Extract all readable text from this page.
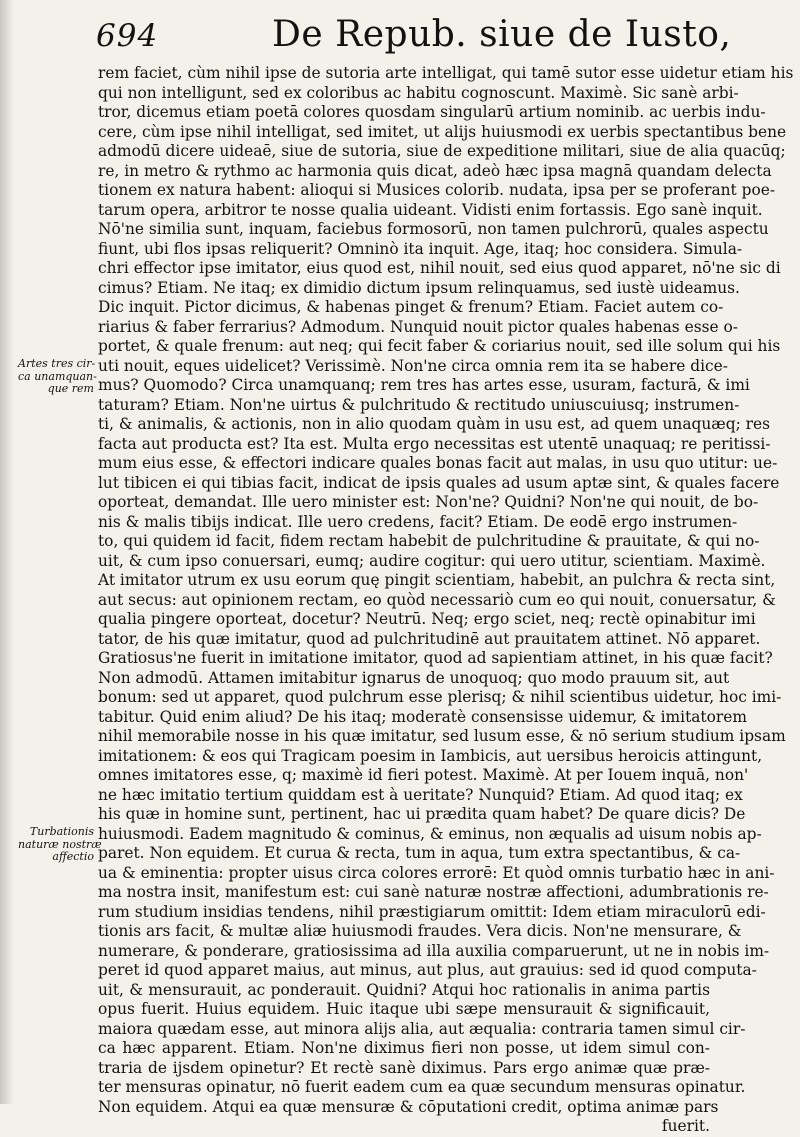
694	De Repub. siue de Iusto,
Artes tres cir-
ca unamquan-
que rem
Turbationis
naturæ nostræ
affectio
rem faciet, cùm nihil ipse de sutoria arte intelligat, qui tamē sutor esse uidetur etiam his
qui non intelligunt, sed ex coloribus ac habitu cognoscunt. Maximè. Sic sanè arbi-
tror, dicemus etiam poetā colores quosdam singularū artium nominib. ac uerbis indu-
cere, cùm ipse nihil intelligat, sed imitet, ut alijs huiusmodi ex uerbis spectantibus bene
admodū dicere uideaē, siue de sutoria, siue de expeditione militari, siue de alia quacūq;
re, in metro & rythmo ac harmonia quis dicat, adeò hæc ipsa magnā quandam delecta
tionem ex natura habent: alioqui si Musices colorib. nudata, ipsa per se proferant poe-
tarum opera, arbitror te nosse qualia uideant. Vidisti enim fortassis. Ego sanè inquit.
Nō'ne similia sunt, inquam, faciebus formosorū, non tamen pulchrorū, quales aspectu
fiunt, ubi flos ipsas reliquerit? Omninò ita inquit. Age, itaq; hoc considera. Simula-
chri effector ipse imitator, eius quod est, nihil nouit, sed eius quod apparet, nō'ne sic di
cimus? Etiam. Ne itaq; ex dimidio dictum ipsum relinquamus, sed iustè uideamus.
Dic inquit. Pictor dicimus, & habenas pinget & frenum? Etiam. Faciet autem co-
riarius & faber ferrarius? Admodum. Nunquid nouit pictor quales habenas esse o-
portet, & quale frenum: aut neq; qui fecit faber & coriarius nouit, sed ille solum qui his
uti nouit, eques uidelicet? Verissimè. Non'ne circa omnia rem ita se habere dice-
mus? Quomodo? Circa unamquanq; rem tres has artes esse, usuram, facturā, & imi
taturam? Etiam. Non'ne uirtus & pulchritudo & rectitudo uniuscuiusq; instrumen-
ti, & animalis, & actionis, non in alio quodam quàm in usu est, ad quem unaquæq; res
facta aut producta est? Ita est. Multa ergo necessitas est utentē unaquaq; re peritissi-
mum eius esse, & effectori indicare quales bonas facit aut malas, in usu quo utitur: ue-
lut tibicen ei qui tibias facit, indicat de ipsis quales ad usum aptæ sint, & quales facere
oporteat, demandat. Ille uero minister est: Non'ne? Quidni? Non'ne qui nouit, de bo-
nis & malis tibijs indicat. Ille uero credens, facit? Etiam. De eodē ergo instrumen-
to, qui quidem id facit, fidem rectam habebit de pulchritudine & prauitate, & qui no-
uit, & cum ipso conuersari, eumq; audire cogitur: qui uero utitur, scientiam. Maximè.
At imitator utrum ex usu eorum quę pingit scientiam, habebit, an pulchra & recta sint,
aut secus: aut opinionem rectam, eo quòd necessariò cum eo qui nouit, conuersatur, &
qualia pingere oporteat, docetur? Neutrū. Neq; ergo sciet, neq; rectè opinabitur imi
tator, de his quæ imitatur, quod ad pulchritudinē aut prauitatem attinet. Nō apparet.
Gratiosus'ne fuerit in imitatione imitator, quod ad sapientiam attinet, in his quæ facit?
Non admodū. Attamen imitabitur ignarus de unoquoq; quo modo prauum sit, aut
bonum: sed ut apparet, quod pulchrum esse plerisq; & nihil scientibus uidetur, hoc imi-
tabitur. Quid enim aliud? De his itaq; moderatè consensisse uidemur, & imitatorem
nihil memorabile nosse in his quæ imitatur, sed lusum esse, & nō serium studium ipsam
imitationem: & eos qui Tragicam poesim in Iambicis, aut uersibus heroicis attingunt,
omnes imitatores esse, q; maximè id fieri potest. Maximè. At per Iouem inquā, non'
ne hæc imitatio tertium quiddam est à ueritate? Nunquid? Etiam. Ad quod itaq; ex
his quæ in homine sunt, pertinent, hac ui prædita quam habet? De quare dicis? De
huiusmodi. Eadem magnitudo & cominus, & eminus, non æqualis ad uisum nobis ap-
paret. Non equidem. Et curua & recta, tum in aqua, tum extra spectantibus, & ca-
ua & eminentia: propter uisus circa colores errorē: Et quòd omnis turbatio hæc in ani-
ma nostra insit, manifestum est: cui sanè naturæ nostræ affectioni, adumbrationis re-
rum studium insidias tendens, nihil præstigiarum omittit: Idem etiam miraculorū edi-
tionis ars facit, & multæ aliæ huiusmodi fraudes. Vera dicis. Non'ne mensurare, &
numerare, & ponderare, gratiosissima ad illa auxilia comparuerunt, ut ne in nobis im-
peret id quod apparet maius, aut minus, aut plus, aut grauius: sed id quod computa-
uit, & mensurauit, ac ponderauit. Quidni? Atqui hoc rationalis in anima partis
opus fuerit. Huius equidem. Huic itaque ubi sæpe mensurauit & significauit,
maiora quædam esse, aut minora alijs alia, aut æqualia: contraria tamen simul cir-
ca hæc apparent. Etiam. Non'ne diximus fieri non posse, ut idem simul con-
traria de ijsdem opinetur? Et rectè sanè diximus. Pars ergo animæ quæ præ-
ter mensuras opinatur, nō fuerit eadem cum ea quæ secundum mensuras opinatur.
Non equidem. Atqui ea quæ mensuræ & cōputationi credit, optima animæ pars
fuerit.
